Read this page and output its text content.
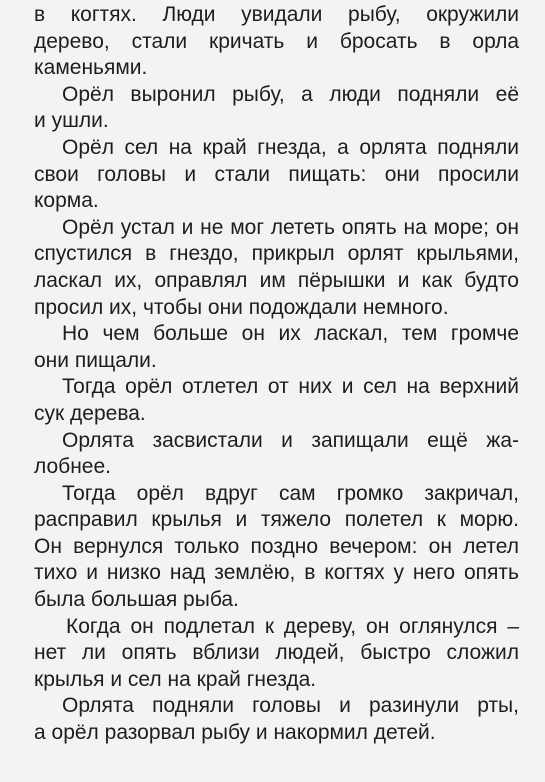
в когтях. Люди увидали рыбу, окружили
дерево, стали кричать и бросать в орла
каменьями.
Орёл выронил рыбу, а люди подняли её
и ушли.
Орёл сел на край гнезда, а орлята подняли
свои головы и стали пищать: они просили
корма.
Орёл устал и не мог лететь опять на море; он
спустился в гнездо, прикрыл орлят крыльями,
ласкал их, оправлял им пёрышки и как будто
просил их, чтобы они подождали немного.
Но чем больше он их ласкал, тем громче
они пищали.
Тогда орёл отлетел от них и сел на верхний
сук дерева.
Орлята засвистали и запищали ещё жа-
лобнее.
Тогда орёл вдруг сам громко закричал,
расправил крылья и тяжело полетел к морю.
Он вернулся только поздно вечером: он летел
тихо и низко над землёю, в когтях у него опять
была большая рыба.
Когда он подлетал к дереву, он оглянулся –
нет ли опять вблизи людей, быстро сложил
крылья и сел на край гнезда.
Орлята подняли головы и разинули рты,
а орёл разорвал рыбу и накормил детей.
